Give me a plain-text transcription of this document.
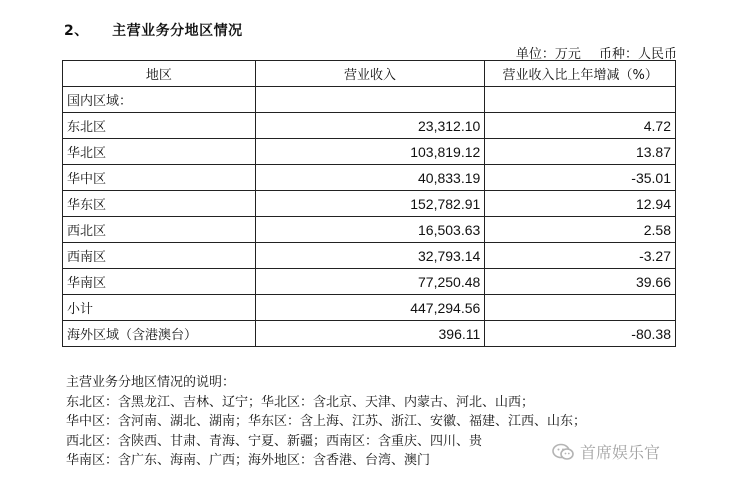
2、 主营业务分地区情况
单位：万元 币种：人民币
地区	营业收入	营业收入比上年增减（%）
国内区域：		
东北区	23,312.10	4.72
华北区	103,819.12	13.87
华中区	40,833.19	-35.01
华东区	152,782.91	12.94
西北区	16,503.63	2.58
西南区	32,793.14	-3.27
华南区	77,250.48	39.66
小计	447,294.56	
海外区域（含港澳台）	396.11	-80.38
主营业务分地区情况的说明：
东北区：含黑龙江、吉林、辽宁；华北区：含北京、天津、内蒙古、河北、山西；
华中区：含河南、湖北、湖南；华东区：含上海、江苏、浙江、安徽、福建、江西、山东；
西北区：含陕西、甘肃、青海、宁夏、新疆；西南区：含重庆、四川、贵
华南区：含广东、海南、广西；海外地区：含香港、台湾、澳门	首席娱乐官
